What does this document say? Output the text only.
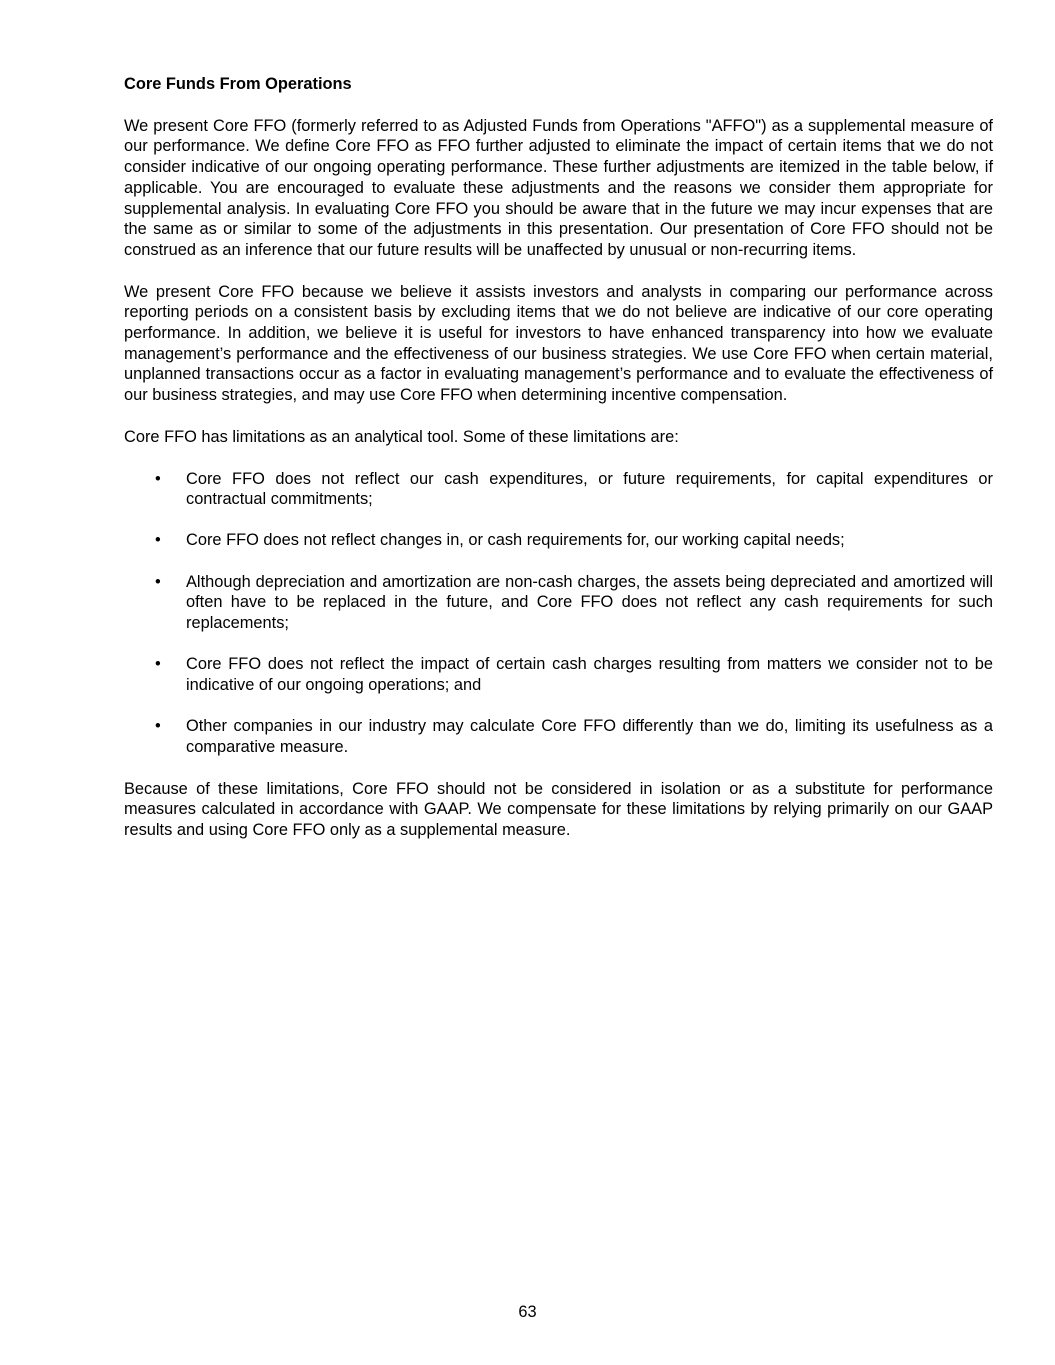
Core Funds From Operations

We present Core FFO (formerly referred to as Adjusted Funds from Operations "AFFO") as a supplemental measure of our performance. We define Core FFO as FFO further adjusted to eliminate the impact of certain items that we do not consider indicative of our ongoing operating performance. These further adjustments are itemized in the table below, if applicable. You are encouraged to evaluate these adjustments and the reasons we consider them appropriate for supplemental analysis. In evaluating Core FFO you should be aware that in the future we may incur expenses that are the same as or similar to some of the adjustments in this presentation. Our presentation of Core FFO should not be construed as an inference that our future results will be unaffected by unusual or non-recurring items.

We present Core FFO because we believe it assists investors and analysts in comparing our performance across reporting periods on a consistent basis by excluding items that we do not believe are indicative of our core operating performance. In addition, we believe it is useful for investors to have enhanced transparency into how we evaluate management’s performance and the effectiveness of our business strategies. We use Core FFO when certain material, unplanned transactions occur as a factor in evaluating management’s performance and to evaluate the effectiveness of our business strategies, and may use Core FFO when determining incentive compensation.

Core FFO has limitations as an analytical tool. Some of these limitations are:

• Core FFO does not reflect our cash expenditures, or future requirements, for capital expenditures or contractual commitments;
• Core FFO does not reflect changes in, or cash requirements for, our working capital needs;
• Although depreciation and amortization are non-cash charges, the assets being depreciated and amortized will often have to be replaced in the future, and Core FFO does not reflect any cash requirements for such replacements;
• Core FFO does not reflect the impact of certain cash charges resulting from matters we consider not to be indicative of our ongoing operations; and
• Other companies in our industry may calculate Core FFO differently than we do, limiting its usefulness as a comparative measure.

Because of these limitations, Core FFO should not be considered in isolation or as a substitute for performance measures calculated in accordance with GAAP. We compensate for these limitations by relying primarily on our GAAP results and using Core FFO only as a supplemental measure.

63
